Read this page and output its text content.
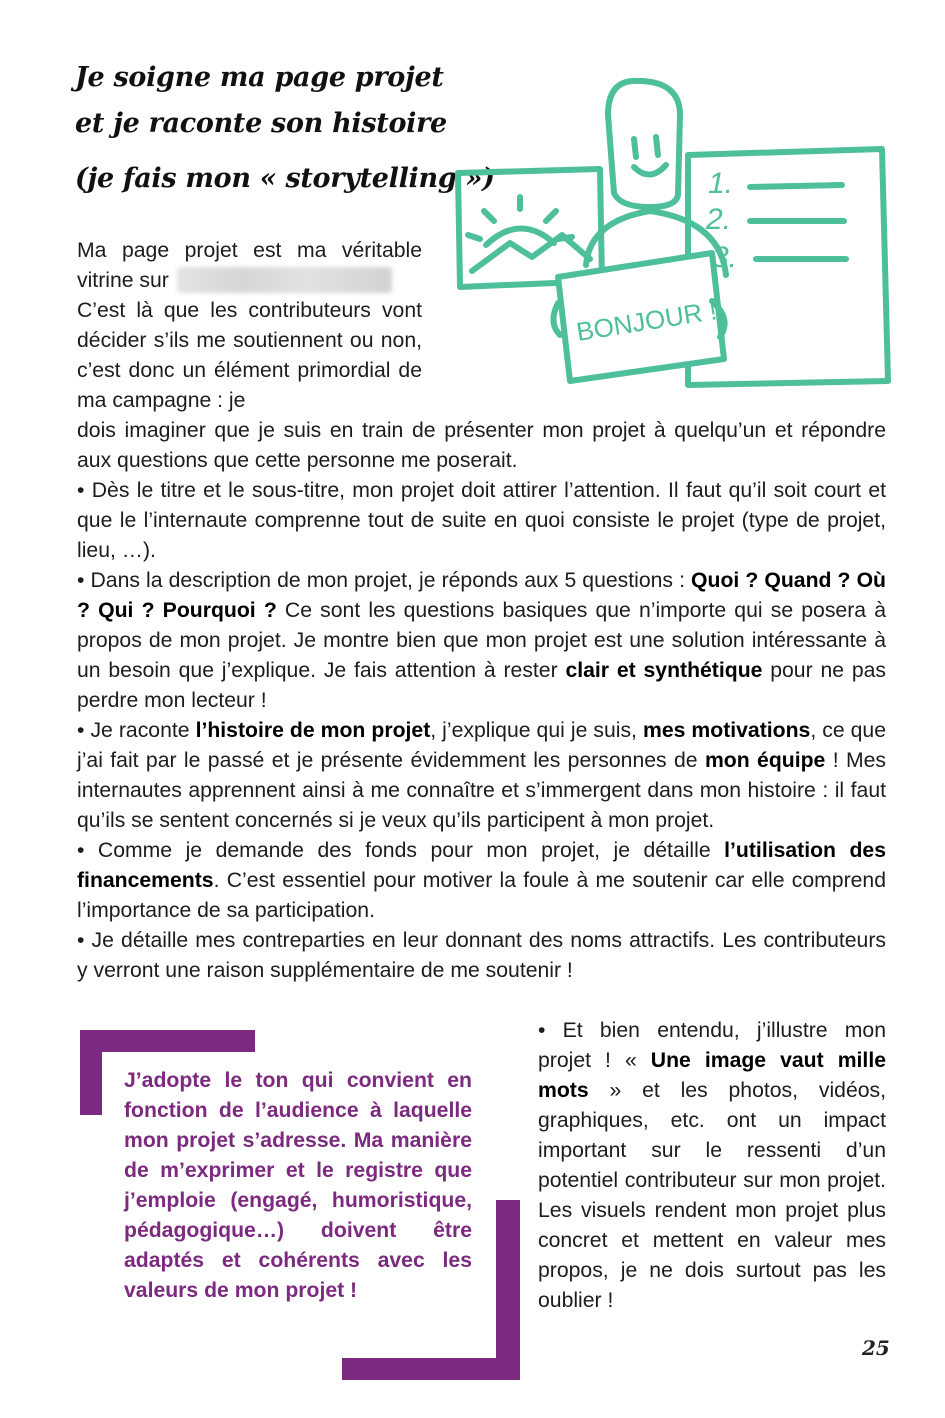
Je soigne ma page projet
et je raconte son histoire
(je fais mon « storytelling »)	1.
2.
3.
BONJOUR !

Ma page projet est ma véritable vitrine sur

C’est là que les contributeurs vont décider s’ils me soutiennent ou non, c’est donc un élément primordial de ma campagne : je

J’adopte le ton qui convient en fonction de l’audience à laquelle mon projet s’adresse. Ma manière de m’exprimer et le registre que j’emploie (engagé, humoristique, pédagogique…) doivent être adaptés et cohérents avec les valeurs de mon projet !

• Et bien entendu, j’illustre mon projet ! « Une image vaut mille mots » et les photos, vidéos, graphiques, etc. ont un impact important sur le ressenti d’un potentiel contributeur sur mon projet. Les visuels rendent mon projet plus concret et mettent en valeur mes propos, je ne dois surtout pas les oublier !

25

dois imaginer que je suis en train de présenter mon projet à quelqu’un et répondre aux questions que cette personne me poserait.

• Dès le titre et le sous-titre, mon projet doit attirer l’attention. Il faut qu’il soit court et que le l’internaute comprenne tout de suite en quoi consiste le projet (type de projet, lieu, …).

• Dans la description de mon projet, je réponds aux 5 questions : Quoi ? Quand ? Où ? Qui ? Pourquoi ? Ce sont les questions basiques que n’importe qui se posera à propos de mon projet. Je montre bien que mon projet est une solution intéressante à un besoin que j’explique. Je fais attention à rester clair et synthétique pour ne pas perdre mon lecteur !

• Je raconte l’histoire de mon projet, j’explique qui je suis, mes motivations, ce que j’ai fait par le passé et je présente évidemment les personnes de mon équipe ! Mes internautes apprennent ainsi à me connaître et s’immergent dans mon histoire : il faut qu’ils se sentent concernés si je veux qu’ils participent à mon projet.

• Comme je demande des fonds pour mon projet, je détaille l’utilisation des financements. C’est essentiel pour motiver la foule à me soutenir car elle comprend l’importance de sa participation.

• Je détaille mes contreparties en leur donnant des noms attractifs. Les contributeurs y verront une raison supplémentaire de me soutenir !
